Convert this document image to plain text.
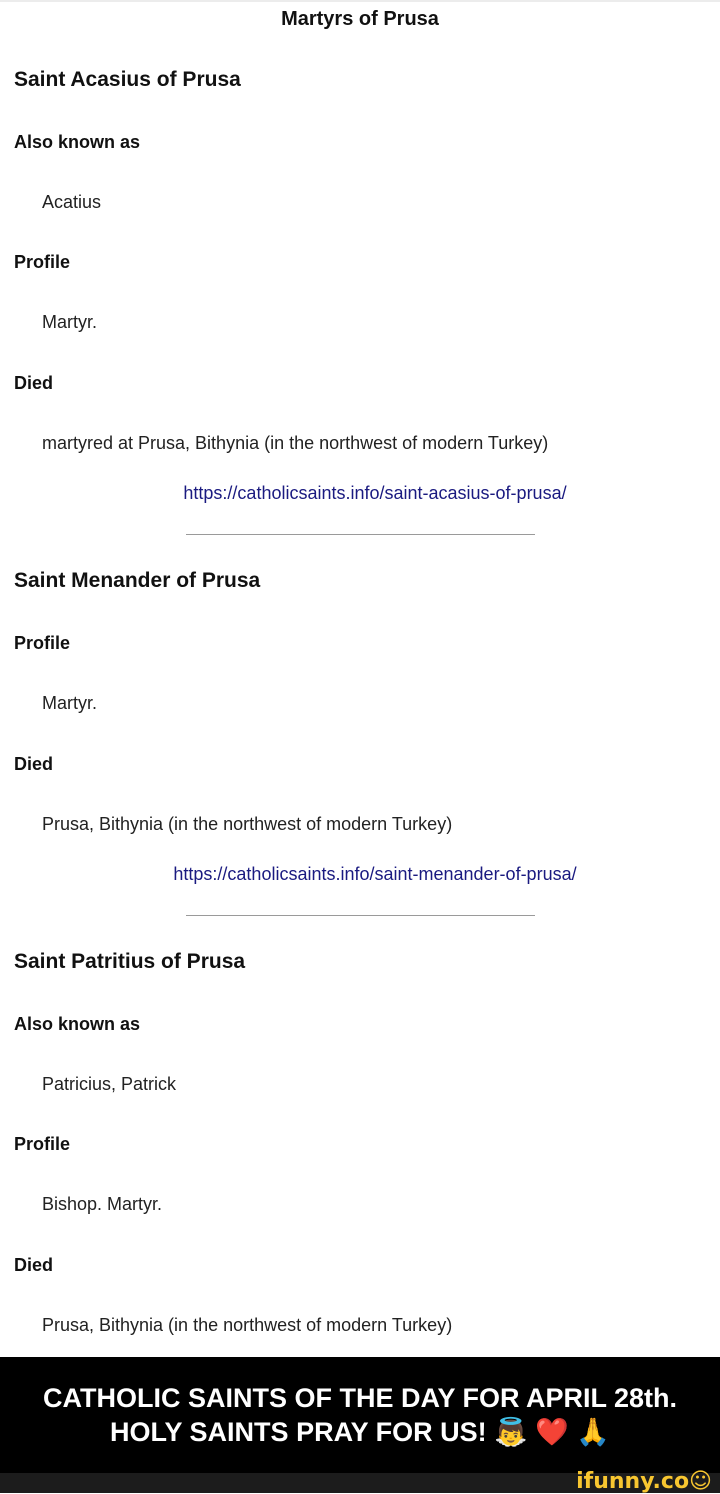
Martyrs of Prusa
Saint Acasius of Prusa
Also known as
Acatius
Profile
Martyr.
Died
martyred at Prusa, Bithynia (in the northwest of modern Turkey)
https://catholicsaints.info/saint-acasius-of-prusa/
Saint Menander of Prusa
Profile
Martyr.
Died
Prusa, Bithynia (in the northwest of modern Turkey)
https://catholicsaints.info/saint-menander-of-prusa/
Saint Patritius of Prusa
Also known as
Patricius, Patrick
Profile
Bishop. Martyr.
Died
Prusa, Bithynia (in the northwest of modern Turkey)
CATHOLIC SAINTS OF THE DAY FOR APRIL 28th.
HOLY SAINTS PRAY FOR US! 👼 ❤️ 🙏
ifunny.co☺
